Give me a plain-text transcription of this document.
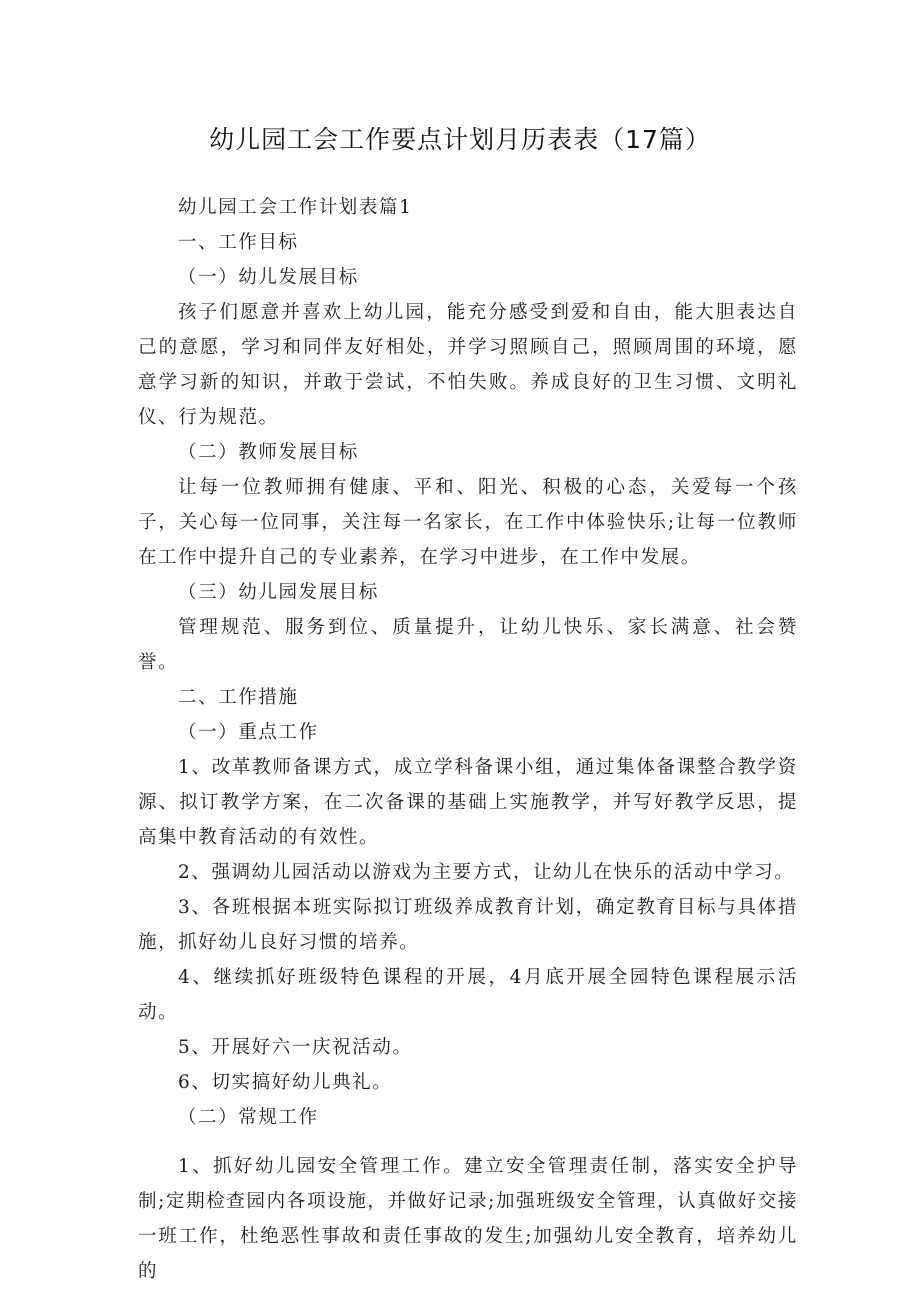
幼儿园工会工作要点计划月历表表（17篇）

幼儿园工会工作计划表篇1

一、工作目标

（一）幼儿发展目标

孩子们愿意并喜欢上幼儿园，能充分感受到爱和自由，能大胆表达自己的意愿，学习和同伴友好相处，并学习照顾自己，照顾周围的环境，愿意学习新的知识，并敢于尝试，不怕失败。养成良好的卫生习惯、文明礼仪、行为规范。

（二）教师发展目标

让每一位教师拥有健康、平和、阳光、积极的心态，关爱每一个孩子，关心每一位同事，关注每一名家长，在工作中体验快乐;让每一位教师在工作中提升自己的专业素养，在学习中进步，在工作中发展。

（三）幼儿园发展目标

管理规范、服务到位、质量提升，让幼儿快乐、家长满意、社会赞誉。

二、工作措施

（一）重点工作

1、改革教师备课方式，成立学科备课小组，通过集体备课整合教学资源、拟订教学方案，在二次备课的基础上实施教学，并写好教学反思，提高集中教育活动的有效性。

2、强调幼儿园活动以游戏为主要方式，让幼儿在快乐的活动中学习。

3、各班根据本班实际拟订班级养成教育计划，确定教育目标与具体措施，抓好幼儿良好习惯的培养。

4、继续抓好班级特色课程的开展，4月底开展全园特色课程展示活动。

5、开展好六一庆祝活动。

6、切实搞好幼儿典礼。

（二）常规工作

1、抓好幼儿园安全管理工作。建立安全管理责任制，落实安全护导制;定期检查园内各项设施，并做好记录;加强班级安全管理，认真做好交接一班工作，杜绝恶性事故和责任事故的发生;加强幼儿安全教育，培养幼儿的
